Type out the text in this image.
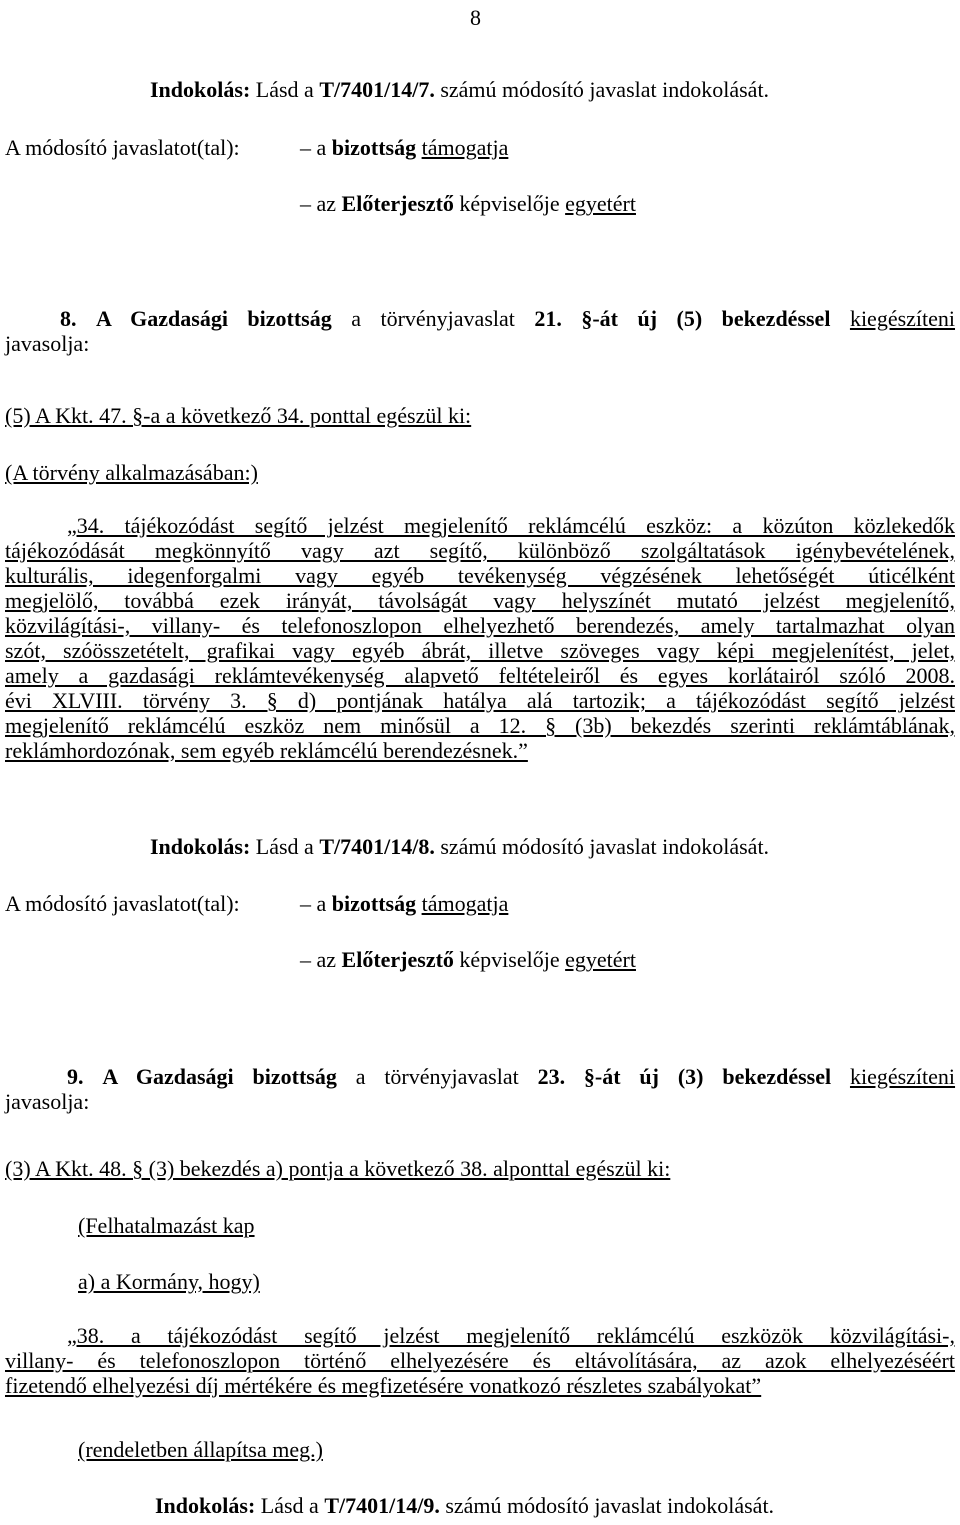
8
Indokolás: Lásd a T/7401/14/7. számú módosító javaslat indokolását.
A módosító javaslatot(tal):	– a bizottság támogatja
– az Előterjesztő képviselője egyetért
8. A Gazdasági bizottság a törvényjavaslat 21. §-át új (5) bekezdéssel kiegészíteni
javasolja:
(5) A Kkt. 47. §-a a következő 34. ponttal egészül ki:
(A törvény alkalmazásában:)
„34. tájékozódást segítő jelzést megjelenítő reklámcélú eszköz: a közúton közlekedők
tájékozódását megkönnyítő vagy azt segítő, különböző szolgáltatások igénybevételének,
kulturális, idegenforgalmi vagy egyéb tevékenység végzésének lehetőségét úticélként
megjelölő, továbbá ezek irányát, távolságát vagy helyszínét mutató jelzést megjelenítő,
közvilágítási-, villany- és telefonoszlopon elhelyezhető berendezés, amely tartalmazhat olyan
szót, szóösszetételt, grafikai vagy egyéb ábrát, illetve szöveges vagy képi megjelenítést, jelet,
amely a gazdasági reklámtevékenység alapvető feltételeiről és egyes korlátairól szóló 2008.
évi XLVIII. törvény 3. § d) pontjának hatálya alá tartozik; a tájékozódást segítő jelzést
megjelenítő reklámcélú eszköz nem minősül a 12. § (3b) bekezdés szerinti reklámtáblának,
reklámhordozónak, sem egyéb reklámcélú berendezésnek.”
Indokolás: Lásd a T/7401/14/8. számú módosító javaslat indokolását.
A módosító javaslatot(tal):	– a bizottság támogatja
– az Előterjesztő képviselője egyetért
9. A Gazdasági bizottság a törvényjavaslat 23. §-át új (3) bekezdéssel kiegészíteni
javasolja:
(3) A Kkt. 48. § (3) bekezdés a) pontja a következő 38. alponttal egészül ki:
(Felhatalmazást kap
a) a Kormány, hogy)
„38. a tájékozódást segítő jelzést megjelenítő reklámcélú eszközök közvilágítási-,
villany- és telefonoszlopon történő elhelyezésére és eltávolítására, az azok elhelyezéséért
fizetendő elhelyezési díj mértékére és megfizetésére vonatkozó részletes szabályokat”
(rendeletben állapítsa meg.)
Indokolás: Lásd a T/7401/14/9. számú módosító javaslat indokolását.
